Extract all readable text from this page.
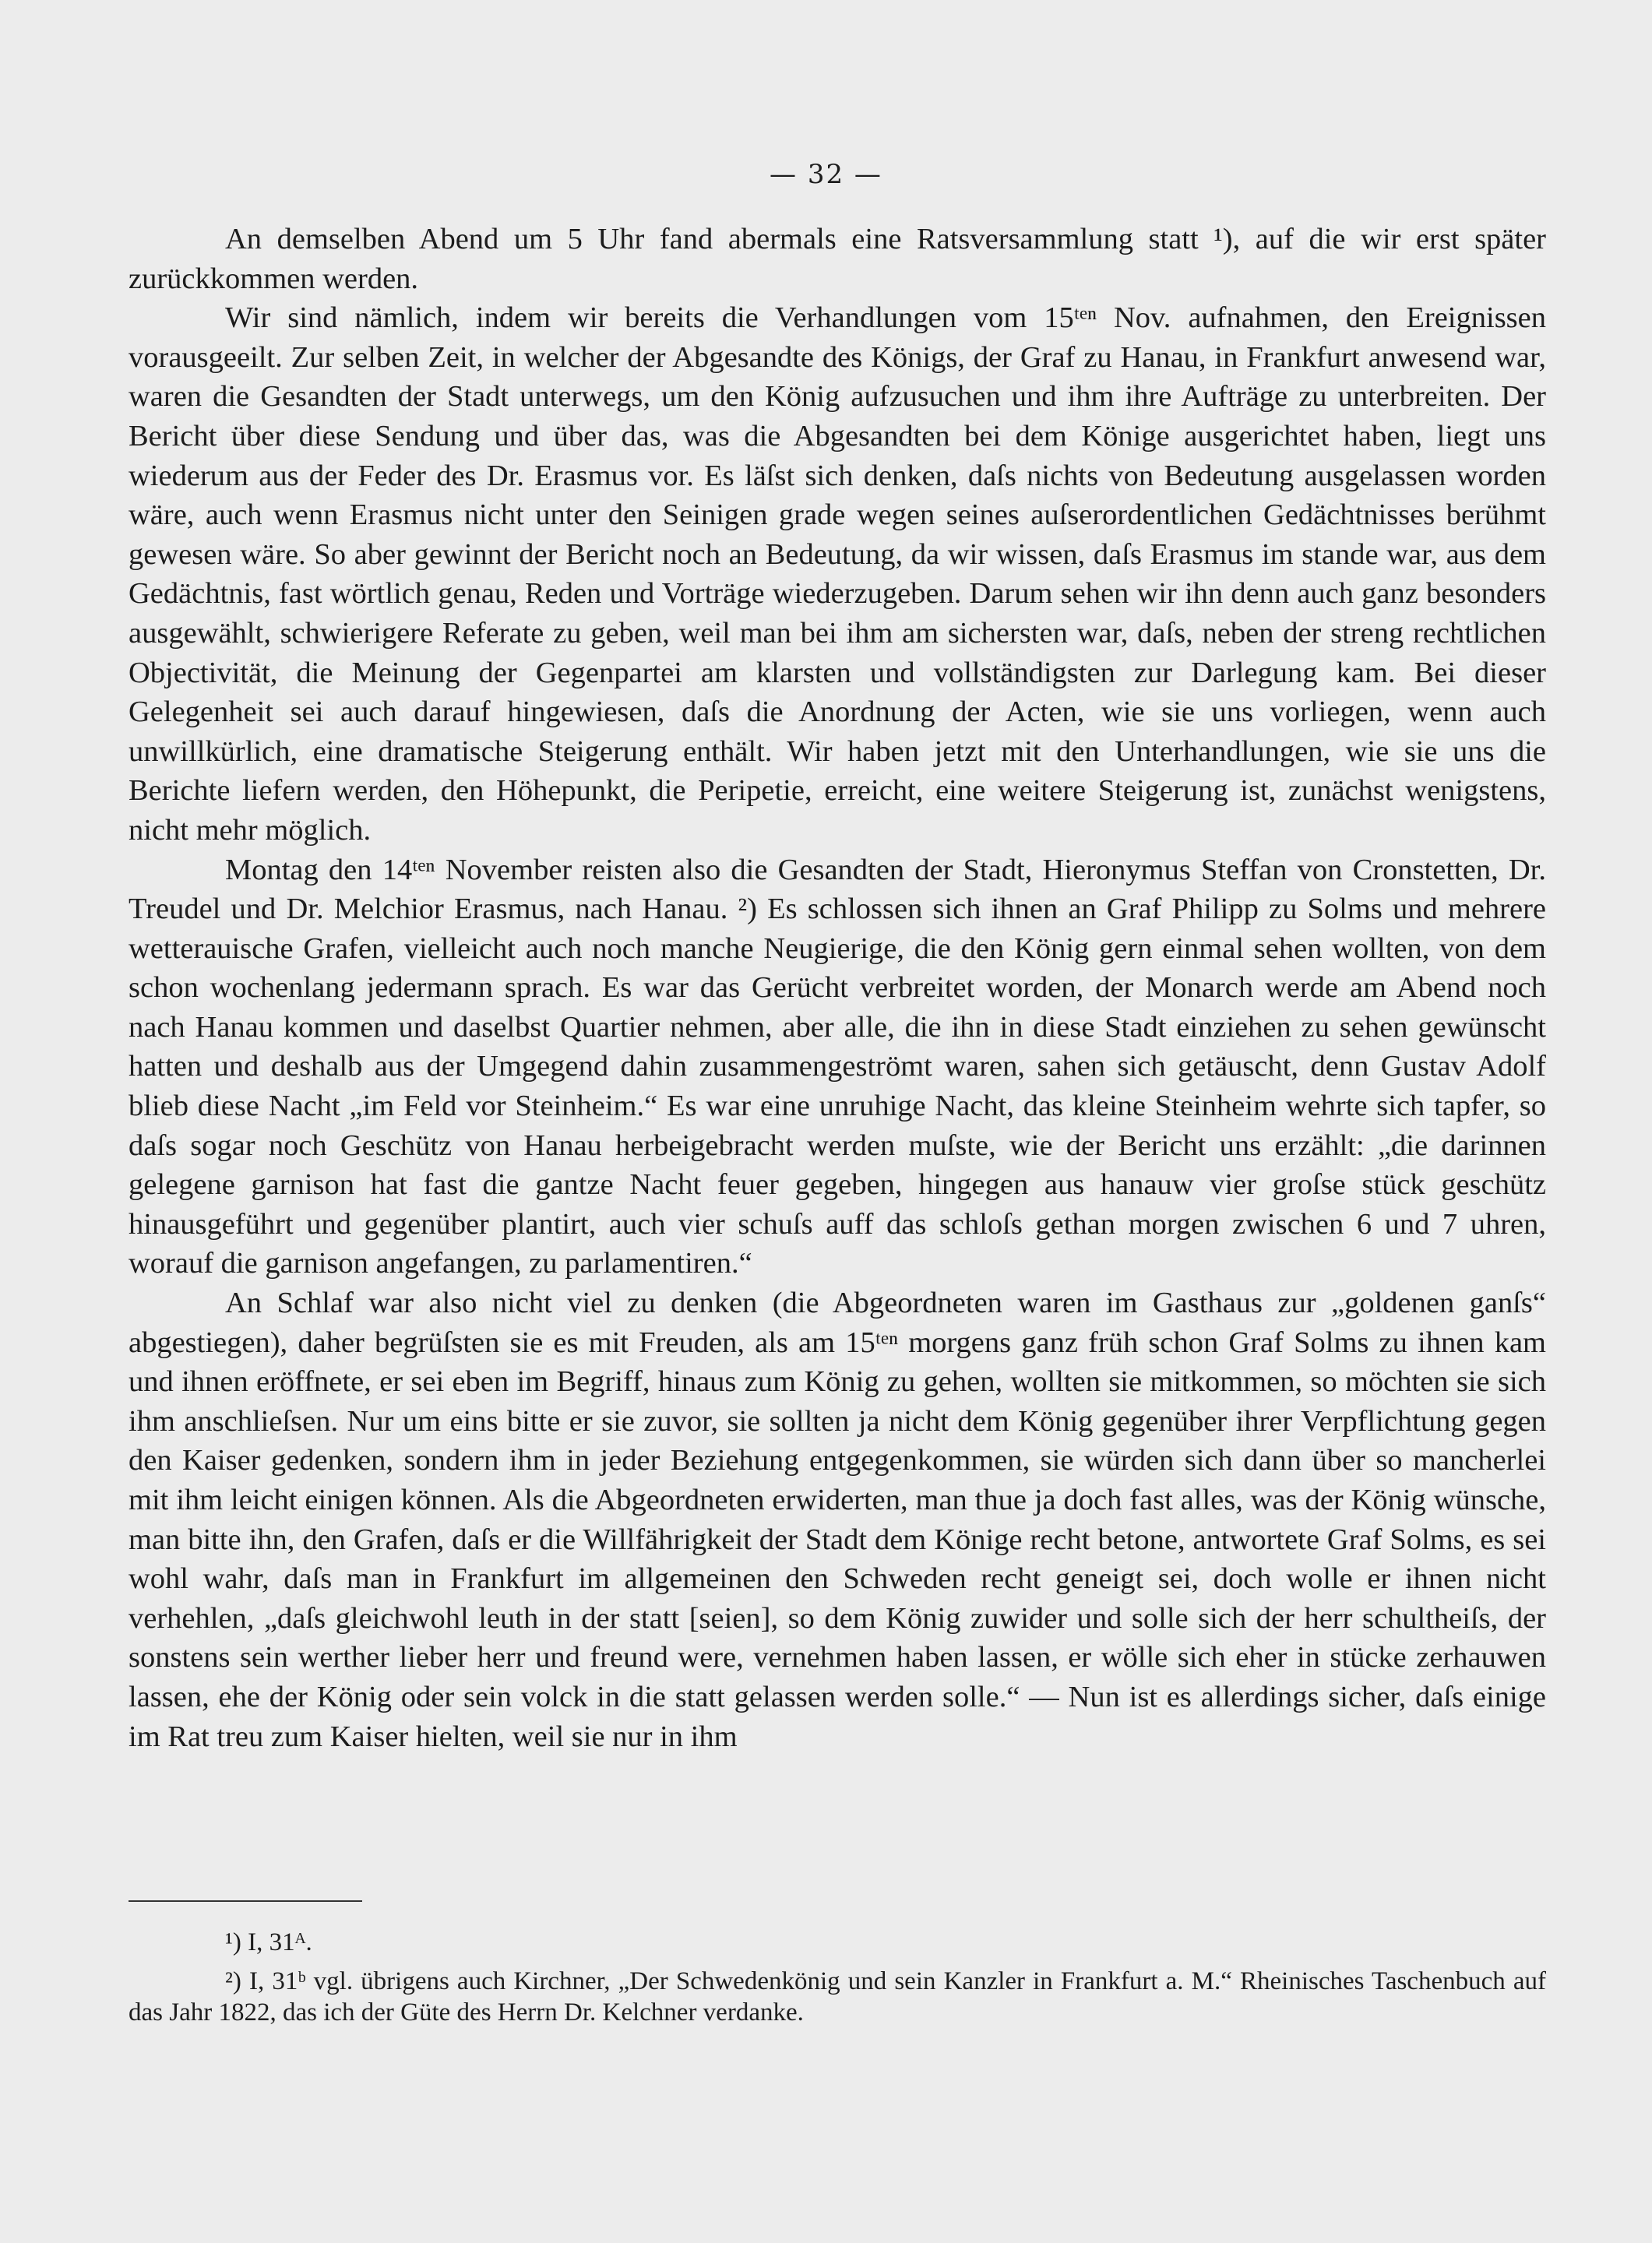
— 32 —

An demselben Abend um 5 Uhr fand abermals eine Ratsversammlung statt ¹), auf die wir erst später zurückkommen werden.

Wir sind nämlich, indem wir bereits die Verhandlungen vom 15ᵗᵉⁿ Nov. aufnahmen, den Ereignissen vorausgeeilt. Zur selben Zeit, in welcher der Abgesandte des Königs, der Graf zu Hanau, in Frankfurt anwesend war, waren die Gesandten der Stadt unterwegs, um den König aufzusuchen und ihm ihre Aufträge zu unterbreiten. Der Bericht über diese Sendung und über das, was die Abgesandten bei dem Könige ausgerichtet haben, liegt uns wiederum aus der Feder des Dr. Erasmus vor. Es läſst sich denken, daſs nichts von Bedeutung ausgelassen worden wäre, auch wenn Erasmus nicht unter den Seinigen grade wegen seines auſserordentlichen Gedächtnisses berühmt gewesen wäre. So aber gewinnt der Bericht noch an Bedeutung, da wir wissen, daſs Erasmus im stande war, aus dem Gedächtnis, fast wörtlich genau, Reden und Vorträge wiederzugeben. Darum sehen wir ihn denn auch ganz besonders ausgewählt, schwierigere Referate zu geben, weil man bei ihm am sichersten war, daſs, neben der streng rechtlichen Objectivität, die Meinung der Gegenpartei am klarsten und vollständigsten zur Darlegung kam. Bei dieser Gelegenheit sei auch darauf hingewiesen, daſs die Anordnung der Acten, wie sie uns vorliegen, wenn auch unwillkürlich, eine dramatische Steigerung enthält. Wir haben jetzt mit den Unterhandlungen, wie sie uns die Berichte liefern werden, den Höhepunkt, die Peripetie, erreicht, eine weitere Steigerung ist, zunächst wenigstens, nicht mehr möglich.

Montag den 14ᵗᵉⁿ November reisten also die Gesandten der Stadt, Hieronymus Steffan von Cronstetten, Dr. Treudel und Dr. Melchior Erasmus, nach Hanau. ²) Es schlossen sich ihnen an Graf Philipp zu Solms und mehrere wetterauische Grafen, vielleicht auch noch manche Neugierige, die den König gern einmal sehen wollten, von dem schon wochenlang jedermann sprach. Es war das Gerücht verbreitet worden, der Monarch werde am Abend noch nach Hanau kommen und daselbst Quartier nehmen, aber alle, die ihn in diese Stadt einziehen zu sehen gewünscht hatten und deshalb aus der Umgegend dahin zusammengeströmt waren, sahen sich getäuscht, denn Gustav Adolf blieb diese Nacht „im Feld vor Steinheim.“ Es war eine unruhige Nacht, das kleine Steinheim wehrte sich tapfer, so daſs sogar noch Geschütz von Hanau herbeigebracht werden muſste, wie der Bericht uns erzählt: „die darinnen gelegene garnison hat fast die gantze Nacht feuer gegeben, hingegen aus hanauw vier groſse stück geschütz hinausgeführt und gegenüber plantirt, auch vier schuſs auff das schloſs gethan morgen zwischen 6 und 7 uhren, worauf die garnison angefangen, zu parlamentiren.“

An Schlaf war also nicht viel zu denken (die Abgeordneten waren im Gasthaus zur „goldenen ganſs“ abgestiegen), daher begrüſsten sie es mit Freuden, als am 15ᵗᵉⁿ morgens ganz früh schon Graf Solms zu ihnen kam und ihnen eröffnete, er sei eben im Begriff, hinaus zum König zu gehen, wollten sie mitkommen, so möchten sie sich ihm anschlieſsen. Nur um eins bitte er sie zuvor, sie sollten ja nicht dem König gegenüber ihrer Verpflichtung gegen den Kaiser gedenken, sondern ihm in jeder Beziehung entgegenkommen, sie würden sich dann über so mancherlei mit ihm leicht einigen können. Als die Abgeordneten erwiderten, man thue ja doch fast alles, was der König wünsche, man bitte ihn, den Grafen, daſs er die Willfährigkeit der Stadt dem Könige recht betone, antwortete Graf Solms, es sei wohl wahr, daſs man in Frankfurt im allgemeinen den Schweden recht geneigt sei, doch wolle er ihnen nicht verhehlen, „daſs gleichwohl leuth in der statt [seien], so dem König zuwider und solle sich der herr schultheiſs, der sonstens sein werther lieber herr und freund were, vernehmen haben lassen, er wölle sich eher in stücke zerhauwen lassen, ehe der König oder sein volck in die statt gelassen werden solle.“ — Nun ist es allerdings sicher, daſs einige im Rat treu zum Kaiser hielten, weil sie nur in ihm

¹) I, 31ᴬ.

²) I, 31ᵇ vgl. übrigens auch Kirchner, „Der Schwedenkönig und sein Kanzler in Frankfurt a. M.“ Rheinisches Taschenbuch auf das Jahr 1822, das ich der Güte des Herrn Dr. Kelchner verdanke.
